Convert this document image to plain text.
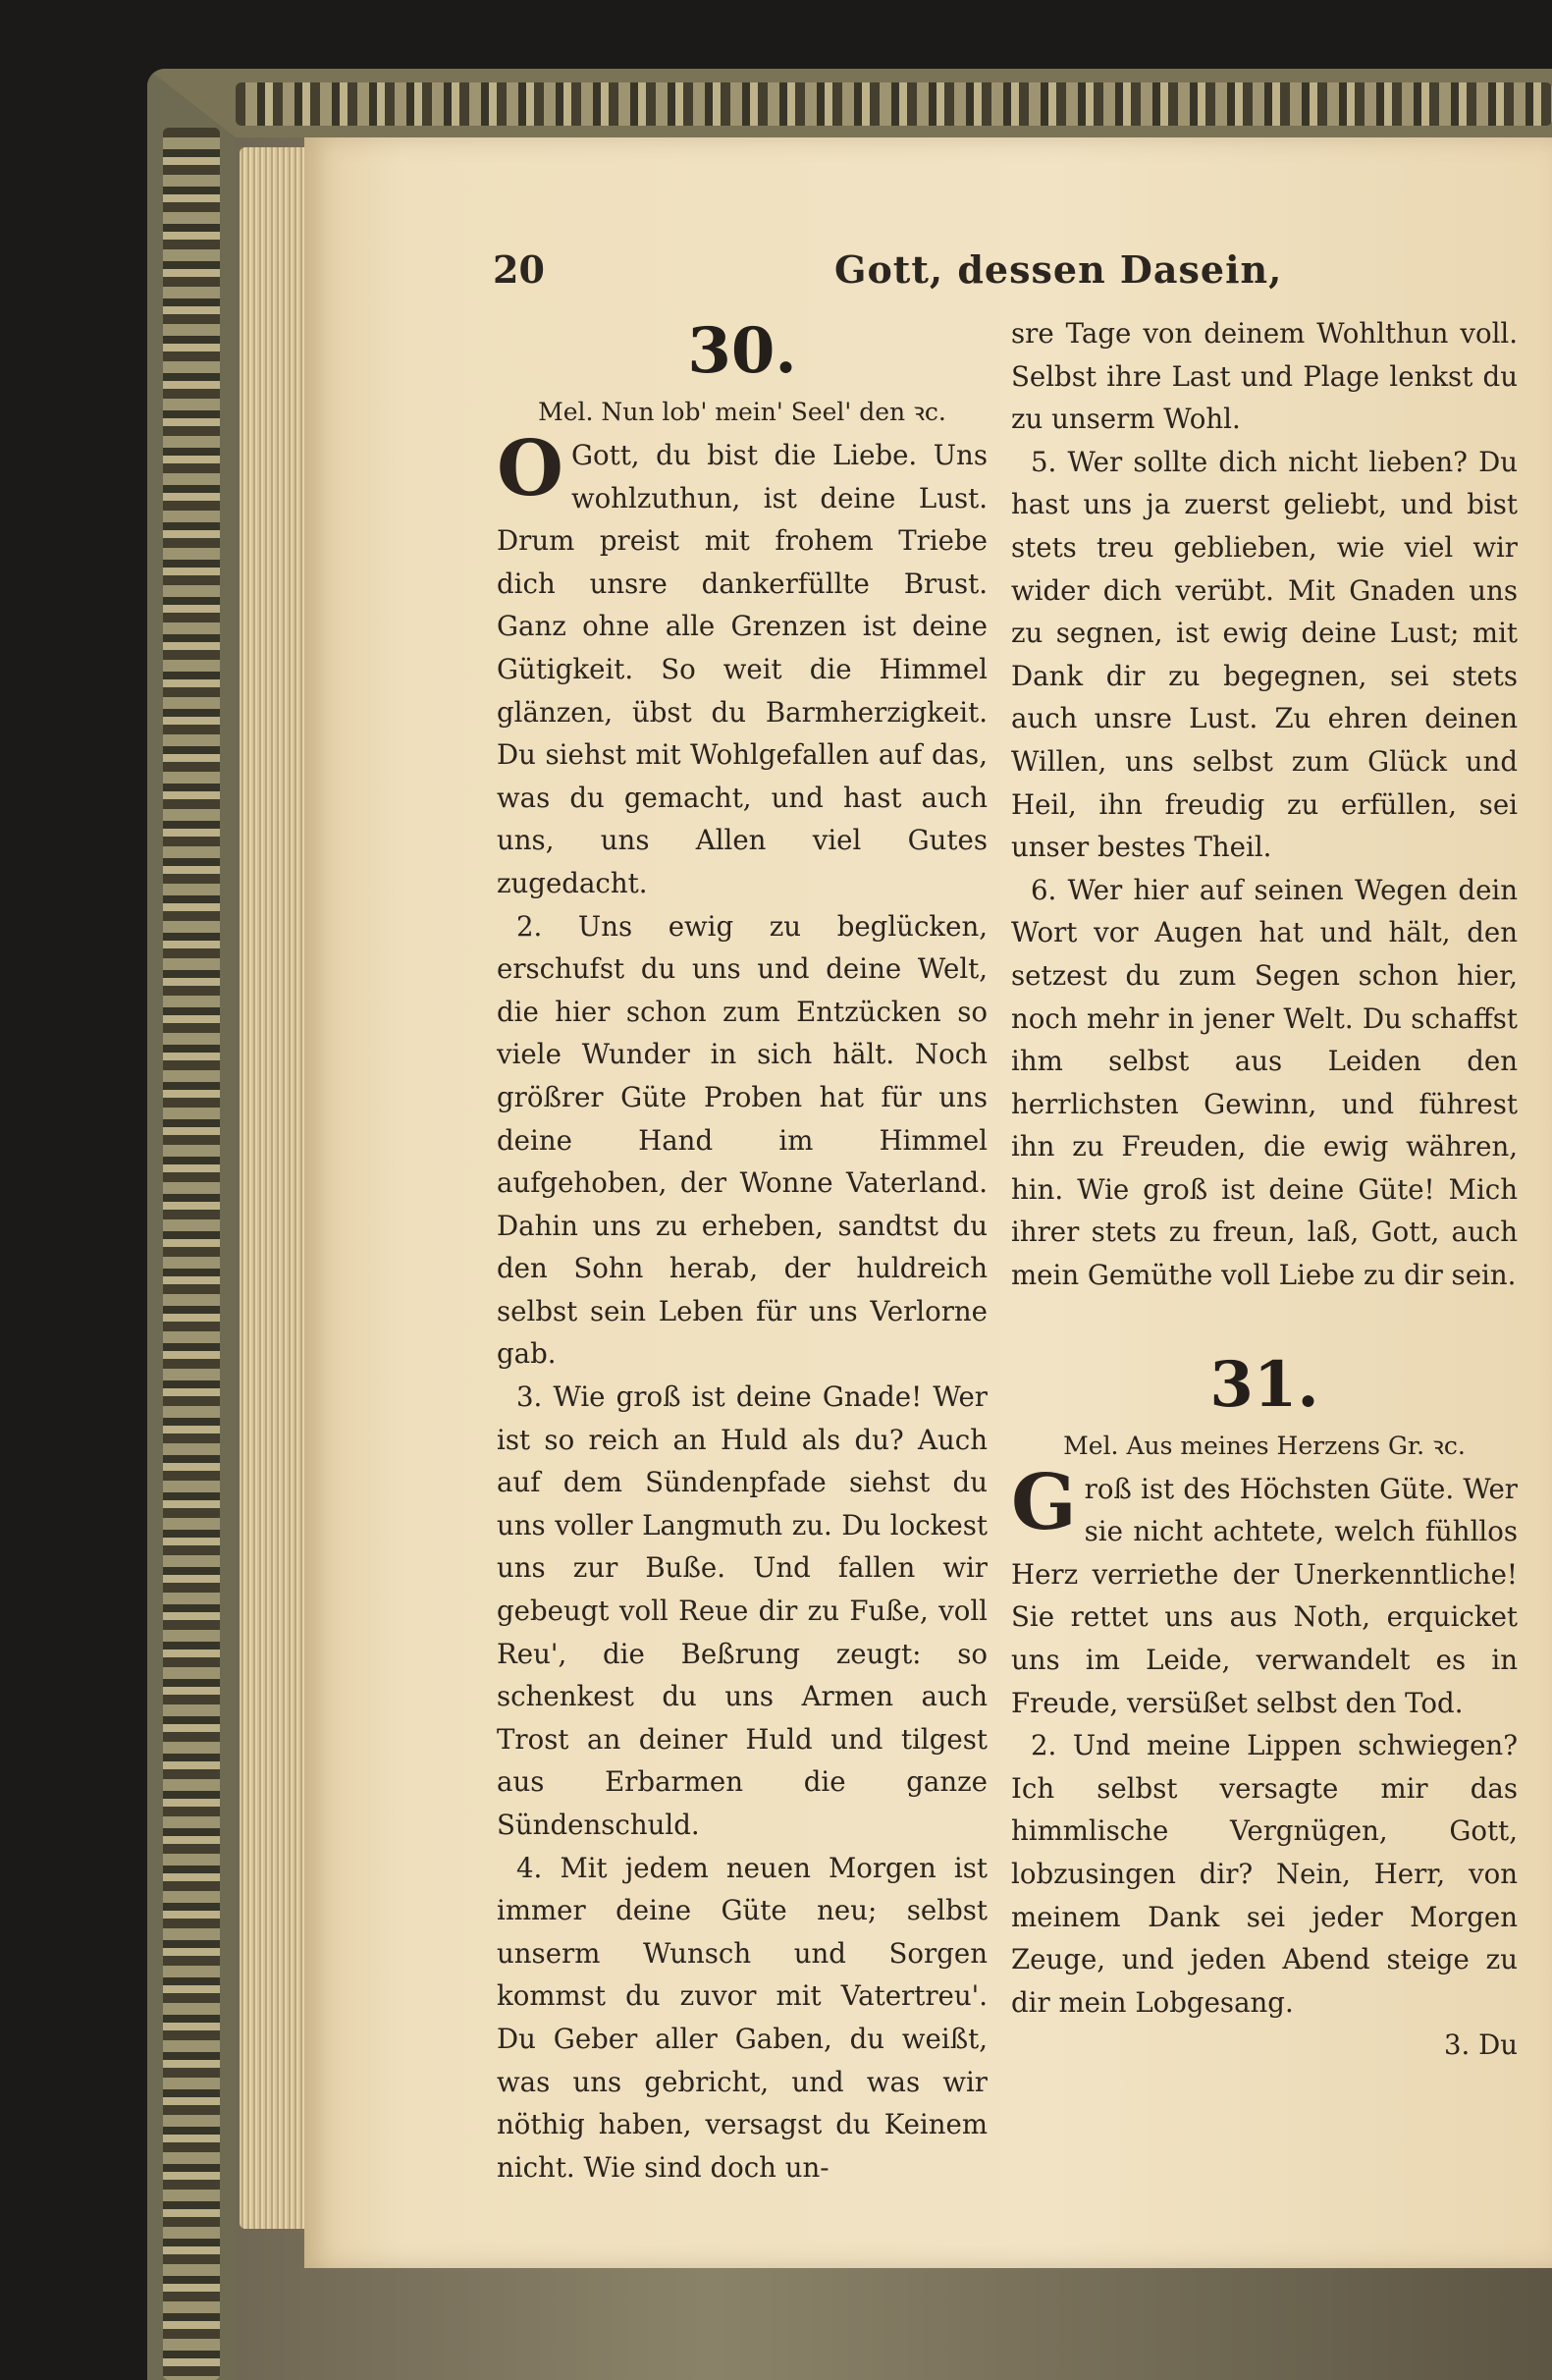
20	Gott, dessen Dasein,

30.

Mel. Nun lob' mein' Seel' den ꝛc.

O Gott, du bist die Liebe. Uns wohlzuthun, ist deine Lust. Drum preist mit frohem Triebe dich unsre dankerfüllte Brust. Ganz ohne alle Grenzen ist deine Gütigkeit. So weit die Himmel glänzen, übst du Barmherzigkeit. Du siehst mit Wohlgefallen auf das, was du gemacht, und hast auch uns, uns Allen viel Gutes zugedacht.

2. Uns ewig zu beglücken, erschufst du uns und deine Welt, die hier schon zum Entzücken so viele Wunder in sich hält. Noch größrer Güte Proben hat für uns deine Hand im Himmel aufgehoben, der Wonne Vaterland. Dahin uns zu erheben, sandtst du den Sohn herab, der huldreich selbst sein Leben für uns Verlorne gab.

3. Wie groß ist deine Gnade! Wer ist so reich an Huld als du? Auch auf dem Sündenpfade siehst du uns voller Langmuth zu. Du lockest uns zur Buße. Und fallen wir gebeugt voll Reue dir zu Fuße, voll Reu', die Beßrung zeugt: so schenkest du uns Armen auch Trost an deiner Huld und tilgest aus Erbarmen die ganze Sündenschuld.

4. Mit jedem neuen Morgen ist immer deine Güte neu; selbst unserm Wunsch und Sorgen kommst du zuvor mit Vatertreu'. Du Geber aller Gaben, du weißt, was uns gebricht, und was wir nöthig haben, versagst du Keinem nicht. Wie sind doch un-

sre Tage von deinem Wohlthun voll. Selbst ihre Last und Plage lenkst du zu unserm Wohl.

5. Wer sollte dich nicht lieben? Du hast uns ja zuerst geliebt, und bist stets treu geblieben, wie viel wir wider dich verübt. Mit Gnaden uns zu segnen, ist ewig deine Lust; mit Dank dir zu begegnen, sei stets auch unsre Lust. Zu ehren deinen Willen, uns selbst zum Glück und Heil, ihn freudig zu erfüllen, sei unser bestes Theil.

6. Wer hier auf seinen Wegen dein Wort vor Augen hat und hält, den setzest du zum Segen schon hier, noch mehr in jener Welt. Du schaffst ihm selbst aus Leiden den herrlichsten Gewinn, und führest ihn zu Freuden, die ewig währen, hin. Wie groß ist deine Güte! Mich ihrer stets zu freun, laß, Gott, auch mein Gemüthe voll Liebe zu dir sein.

31.

Mel. Aus meines Herzens Gr. ꝛc.

G roß ist des Höchsten Güte. Wer sie nicht achtete, welch fühllos Herz verriethe der Unerkenntliche! Sie rettet uns aus Noth, erquicket uns im Leide, verwandelt es in Freude, versüßet selbst den Tod.

2. Und meine Lippen schwiegen? Ich selbst versagte mir das himmlische Vergnügen, Gott, lobzusingen dir? Nein, Herr, von meinem Dank sei jeder Morgen Zeuge, und jeden Abend steige zu dir mein Lobgesang.

3. Du
